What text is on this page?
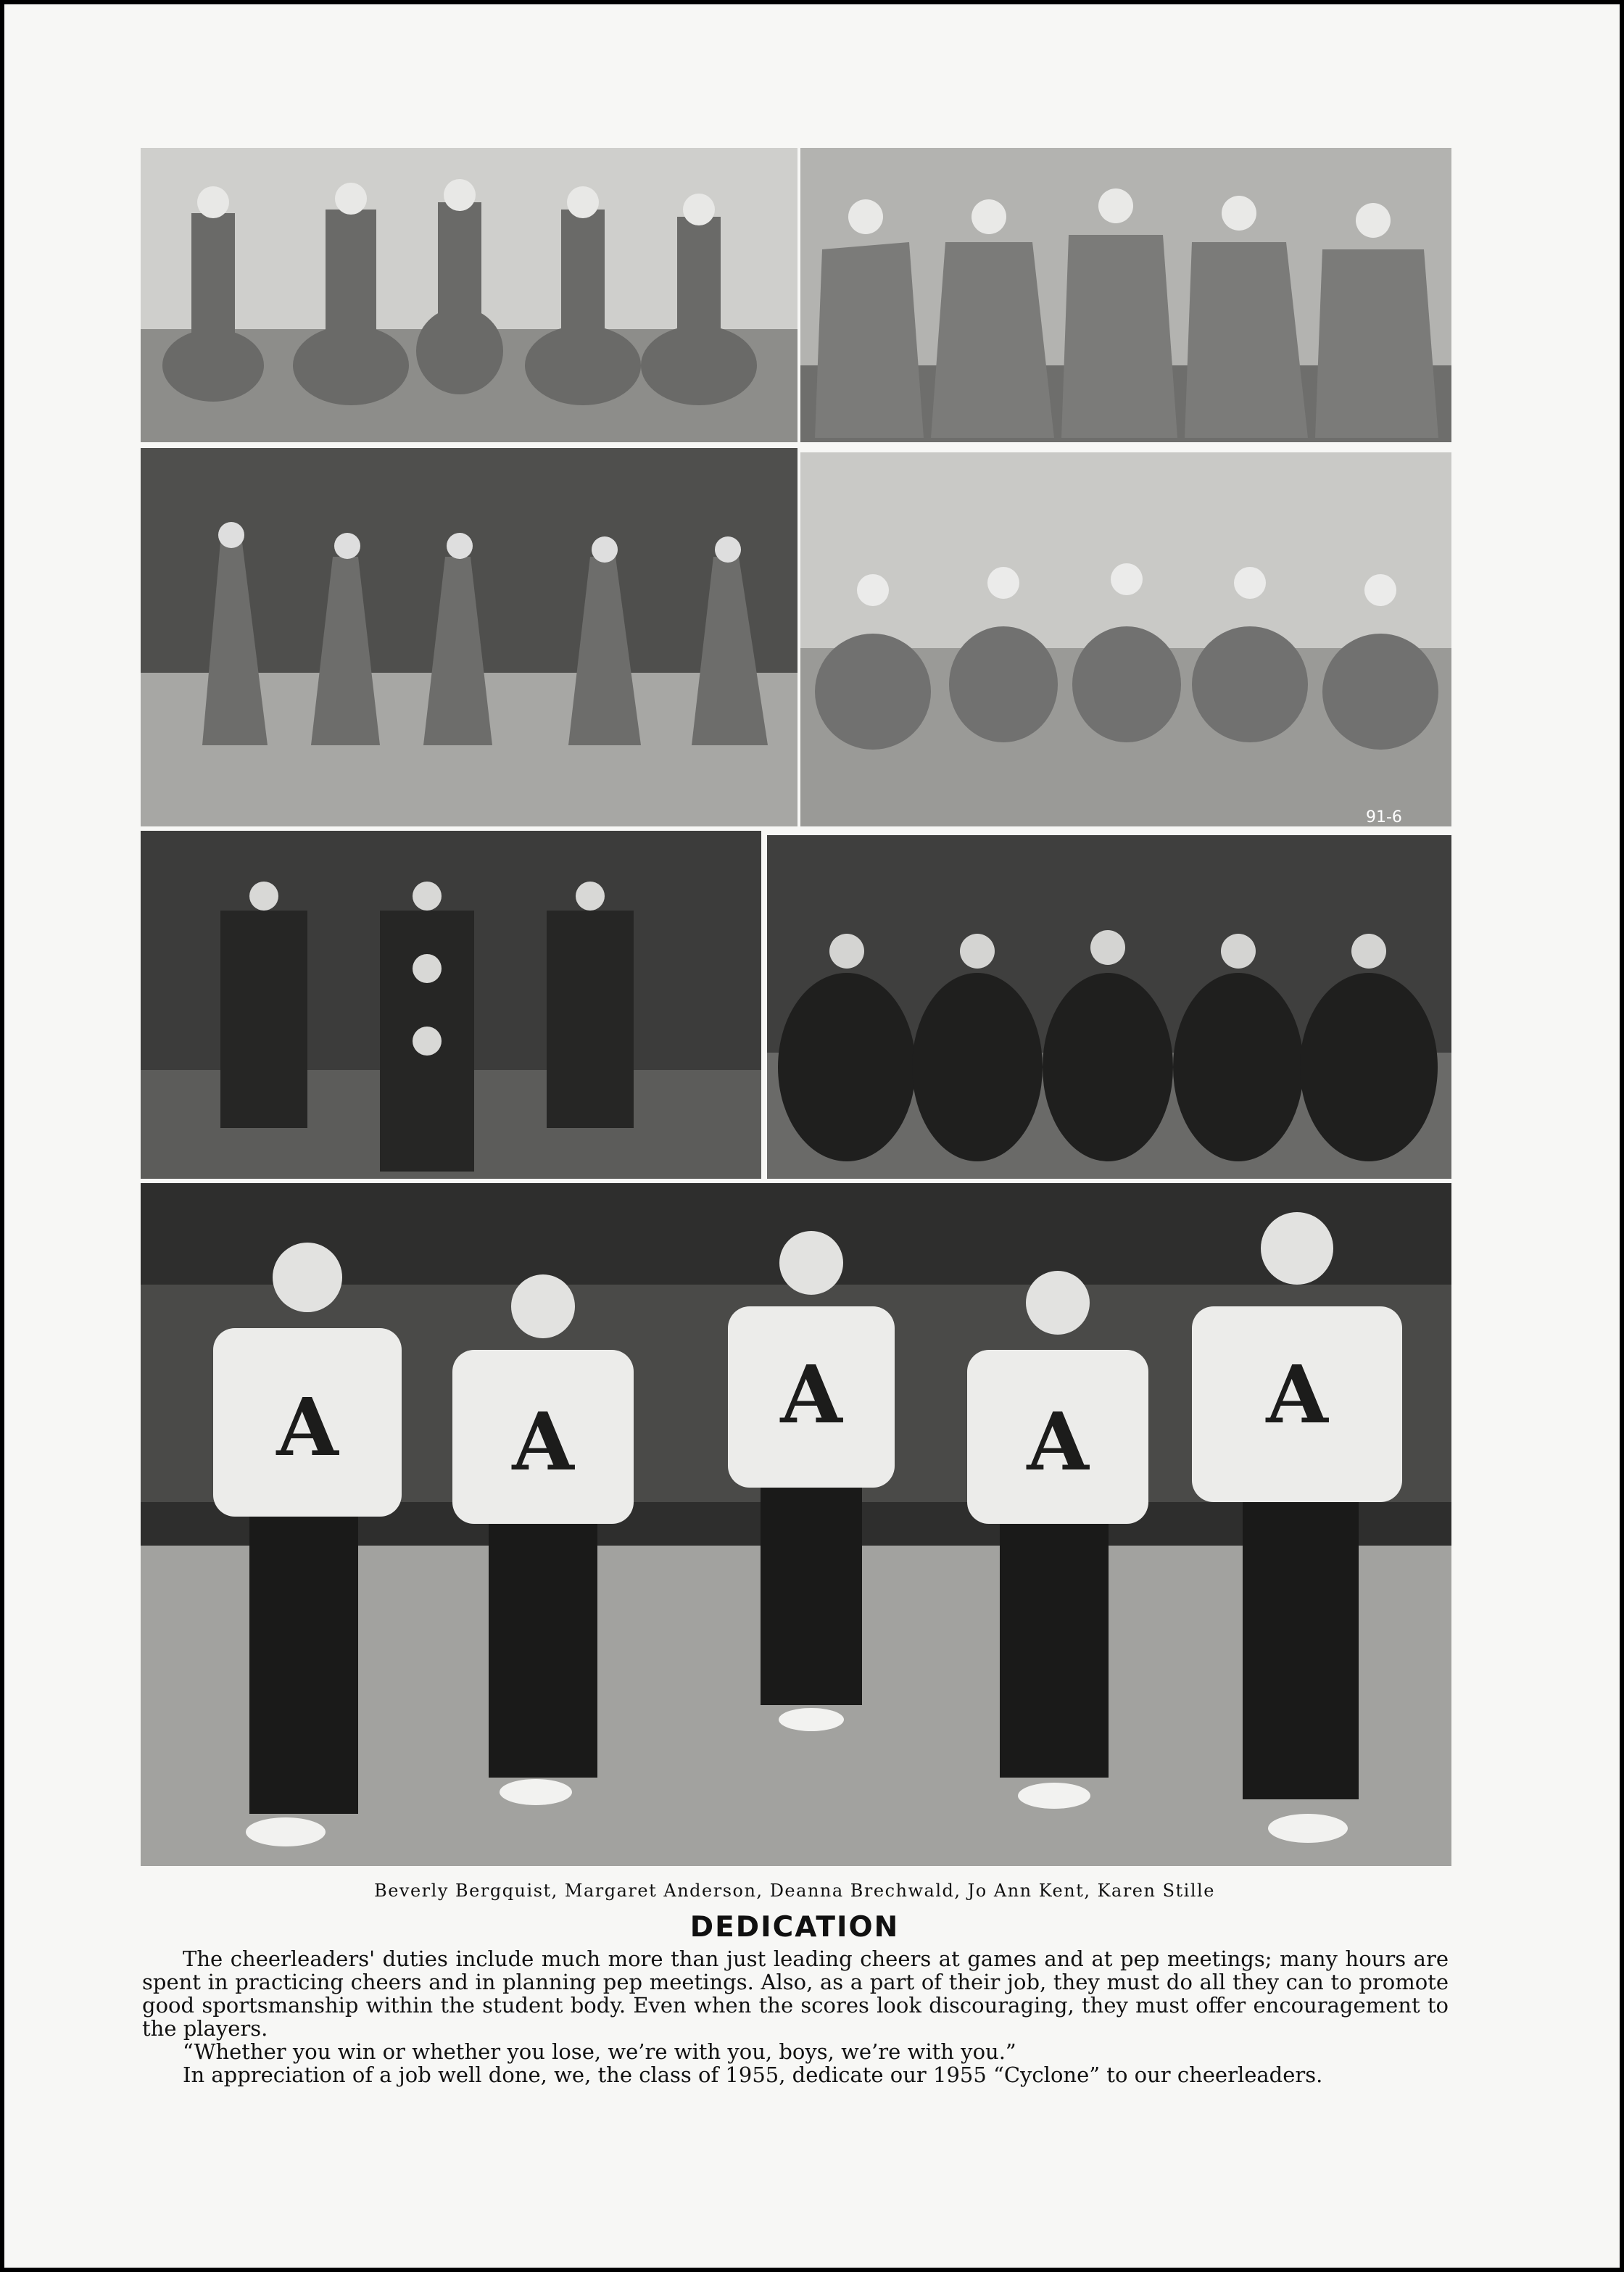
91-6
A A
A
A
A
Beverly Bergquist, Margaret Anderson, Deanna Brechwald, Jo Ann Kent, Karen Stille
DEDICATION

The cheerleaders' duties include much more than just leading cheers at games and at pep meetings; many hours are spent in practicing cheers and in planning pep meetings. Also, as a part of their job, they must do all they can to promote good sportsmanship within the student body. Even when the scores look discouraging, they must offer encouragement to the players.

“Whether you win or whether you lose, we’re with you, boys, we’re with you.”

In appreciation of a job well done, we, the class of 1955, dedicate our 1955 “Cyclone” to our cheerleaders.
